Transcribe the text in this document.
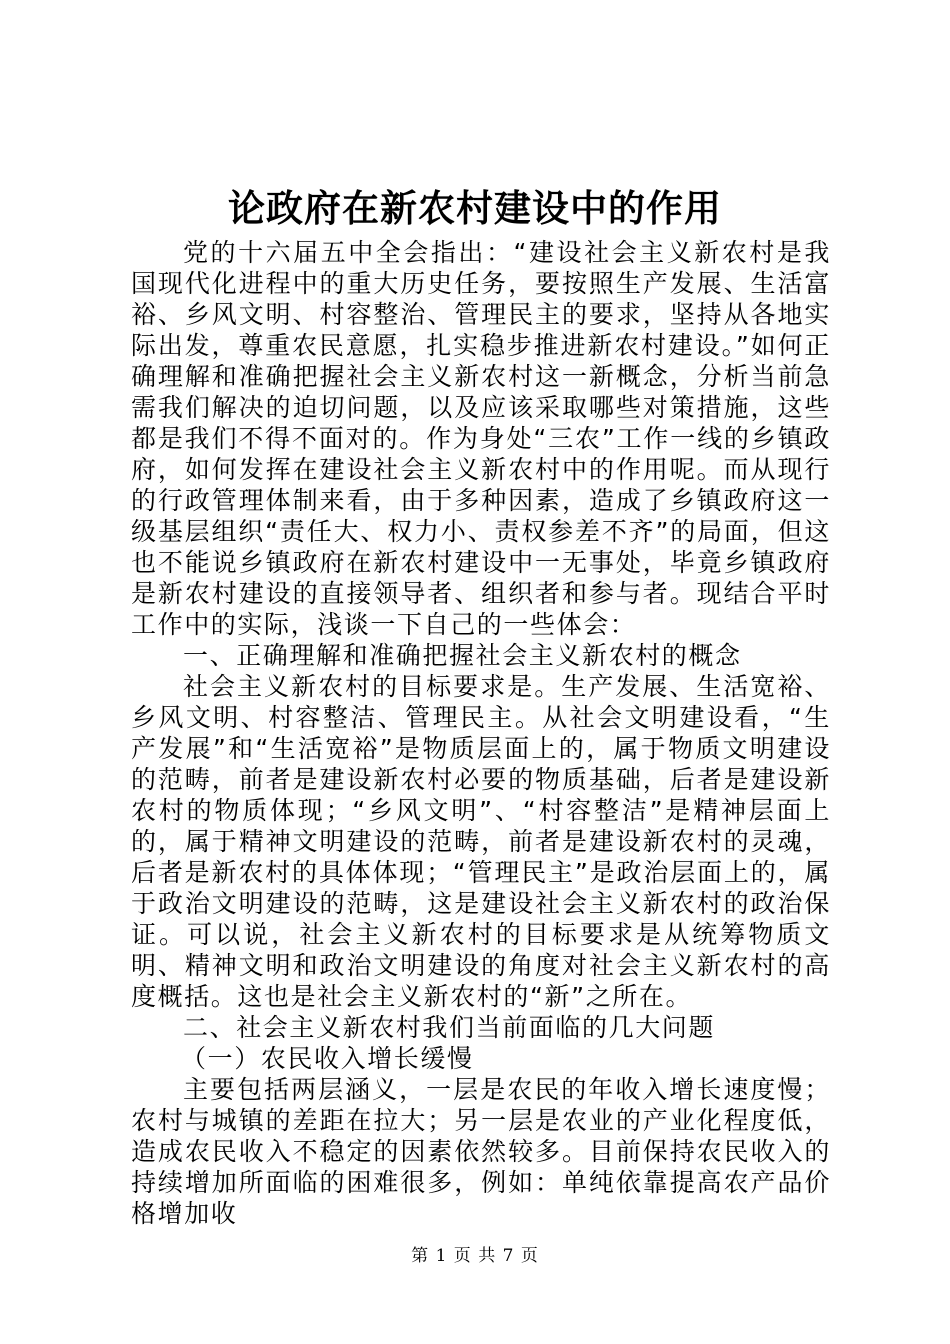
论政府在新农村建设中的作用

党的十六届五中全会指出：“建设社会主义新农村是我国现代化进程中的重大历史任务，要按照生产发展、生活富裕、乡风文明、村容整治、管理民主的要求，坚持从各地实际出发，尊重农民意愿，扎实稳步推进新农村建设。”如何正确理解和准确把握社会主义新农村这一新概念，分析当前急需我们解决的迫切问题，以及应该采取哪些对策措施，这些都是我们不得不面对的。作为身处“三农”工作一线的乡镇政府，如何发挥在建设社会主义新农村中的作用呢。而从现行的行政管理体制来看，由于多种因素，造成了乡镇政府这一级基层组织“责任大、权力小、责权参差不齐”的局面，但这也不能说乡镇政府在新农村建设中一无事处，毕竟乡镇政府是新农村建设的直接领导者、组织者和参与者。现结合平时工作中的实际，浅谈一下自己的一些体会：

一、正确理解和准确把握社会主义新农村的概念

社会主义新农村的目标要求是。生产发展、生活宽裕、乡风文明、村容整洁、管理民主。从社会文明建设看，“生产发展”和“生活宽裕”是物质层面上的，属于物质文明建设的范畴，前者是建设新农村必要的物质基础，后者是建设新农村的物质体现；“乡风文明”、“村容整洁”是精神层面上的，属于精神文明建设的范畴，前者是建设新农村的灵魂，后者是新农村的具体体现；“管理民主”是政治层面上的，属于政治文明建设的范畴，这是建设社会主义新农村的政治保证。可以说，社会主义新农村的目标要求是从统筹物质文明、精神文明和政治文明建设的角度对社会主义新农村的高度概括。这也是社会主义新农村的“新”之所在。

二、社会主义新农村我们当前面临的几大问题

（一）农民收入增长缓慢

主要包括两层涵义，一层是农民的年收入增长速度慢；农村与城镇的差距在拉大；另一层是农业的产业化程度低，造成农民收入不稳定的因素依然较多。目前保持农民收入的持续增加所面临的困难很多，例如：单纯依靠提高农产品价格增加收

第 1 页 共 7 页
